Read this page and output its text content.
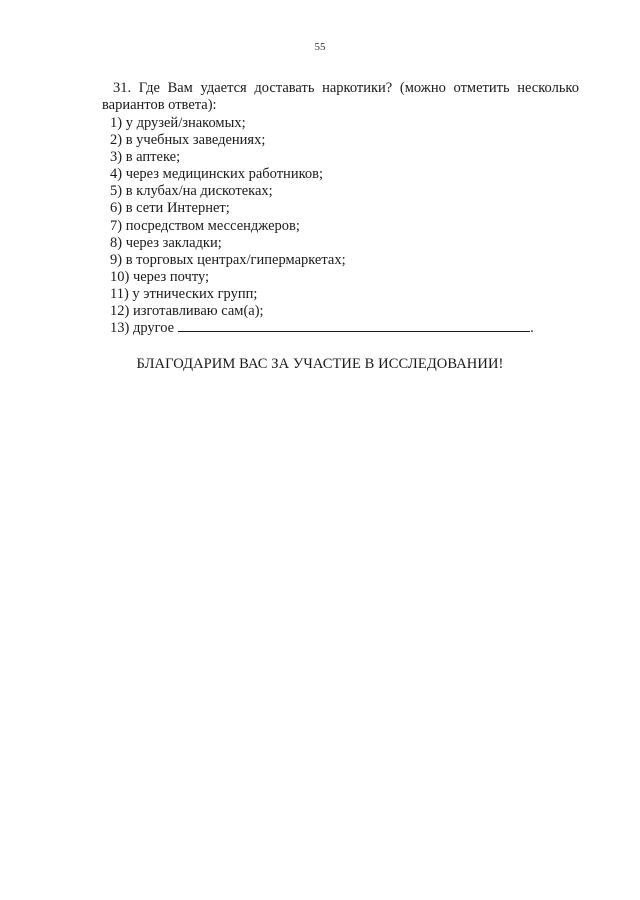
55
31. Где Вам удается доставать наркотики? (можно отметить несколько
вариантов ответа):
1) у друзей/знакомых;
2) в учебных заведениях;
3) в аптеке;
4) через медицинских работников;
5) в клубах/на дискотеках;
6) в сети Интернет;
7) посредством мессенджеров;
8) через закладки;
9) в торговых центрах/гипермаркетах;
10) через почту;
11) у этнических групп;
12) изготавливаю сам(а);
13) другое	.
БЛАГОДАРИМ ВАС ЗА УЧАСТИЕ В ИССЛЕДОВАНИИ!
